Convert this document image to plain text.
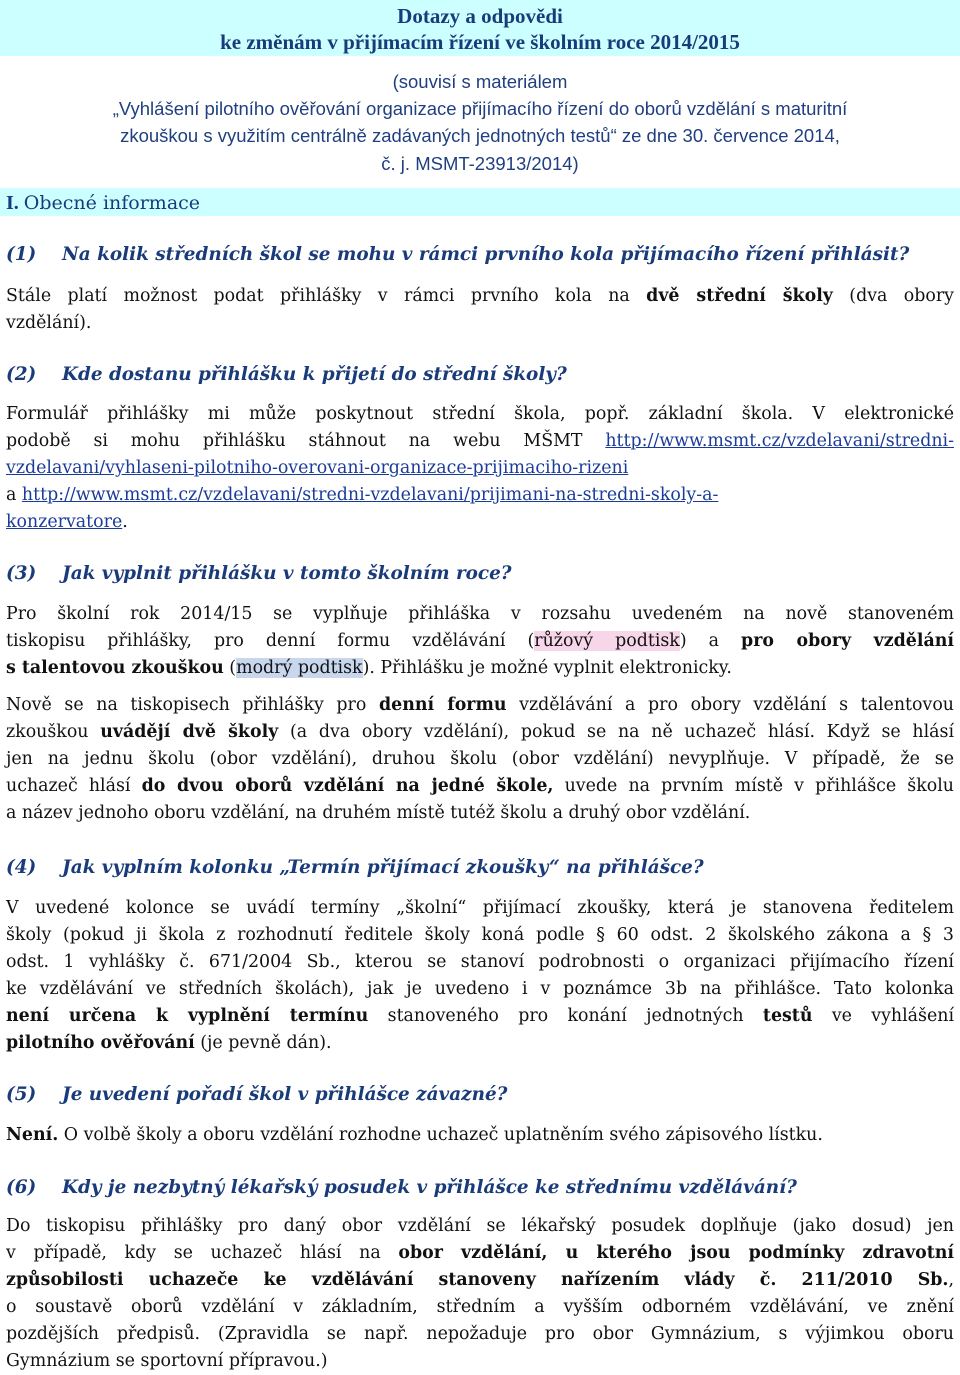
Dotazy a odpovědi
ke změnám v přijímacím řízení ve školním roce 2014/2015
(souvisí s materiálem
„Vyhlášení pilotního ověřování organizace přijímacího řízení do oborů vzdělání s maturitní
zkouškou s využitím centrálně zadávaných jednotných testů“ ze dne 30. července 2014,
č. j. MSMT-23913/2014)
I. Obecné informace
(1) Na kolik středních škol se mohu v rámci prvního kola přijímacího řízení přihlásit?
Stále platí možnost podat přihlášky v rámci prvního kola na dvě střední školy (dva obory
vzdělání).
(2) Kde dostanu přihlášku k přijetí do střední školy?
Formulář přihlášky mi může poskytnout střední škola, popř. základní škola. V elektronické
podobě si mohu přihlášku stáhnout na webu MŠMT http://www.msmt.cz/vzdelavani/stredni-
vzdelavani/vyhlaseni-pilotniho-overovani-organizace-prijimaciho-rizeni
a http://www.msmt.cz/vzdelavani/stredni-vzdelavani/prijimani-na-stredni-skoly-a-
konzervatore.
(3) Jak vyplnit přihlášku v tomto školním roce?
Pro školní rok 2014/15 se vyplňuje přihláška v rozsahu uvedeném na nově stanoveném
tiskopisu přihlášky, pro denní formu vzdělávání (růžový podtisk) a pro obory vzdělání
s talentovou zkouškou (modrý podtisk). Přihlášku je možné vyplnit elektronicky.
Nově se na tiskopisech přihlášky pro denní formu vzdělávání a pro obory vzdělání s talentovou
zkouškou uvádějí dvě školy (a dva obory vzdělání), pokud se na ně uchazeč hlásí. Když se hlásí
jen na jednu školu (obor vzdělání), druhou školu (obor vzdělání) nevyplňuje. V případě, že se
uchazeč hlásí do dvou oborů vzdělání na jedné škole, uvede na prvním místě v přihlášce školu
a název jednoho oboru vzdělání, na druhém místě tutéž školu a druhý obor vzdělání.
(4) Jak vyplním kolonku „Termín přijímací zkoušky“ na přihlášce?
V uvedené kolonce se uvádí termíny „školní“ přijímací zkoušky, která je stanovena ředitelem
školy (pokud ji škola z rozhodnutí ředitele školy koná podle § 60 odst. 2 školského zákona a § 3
odst. 1 vyhlášky č. 671/2004 Sb., kterou se stanoví podrobnosti o organizaci přijímacího řízení
ke vzdělávání ve středních školách), jak je uvedeno i v poznámce 3b na přihlášce. Tato kolonka
není určena k vyplnění termínu stanoveného pro konání jednotných testů ve vyhlášení
pilotního ověřování (je pevně dán).
(5) Je uvedení pořadí škol v přihlášce závazné?
Není. O volbě školy a oboru vzdělání rozhodne uchazeč uplatněním svého zápisového lístku.
(6) Kdy je nezbytný lékařský posudek v přihlášce ke střednímu vzdělávání?
Do tiskopisu přihlášky pro daný obor vzdělání se lékařský posudek doplňuje (jako dosud) jen
v případě, kdy se uchazeč hlásí na obor vzdělání, u kterého jsou podmínky zdravotní
způsobilosti uchazeče ke vzdělávání stanoveny nařízením vlády č. 211/2010 Sb.,
o soustavě oborů vzdělání v základním, středním a vyšším odborném vzdělávání, ve znění
pozdějších předpisů. (Zpravidla se např. nepožaduje pro obor Gymnázium, s výjimkou oboru
Gymnázium se sportovní přípravou.)
